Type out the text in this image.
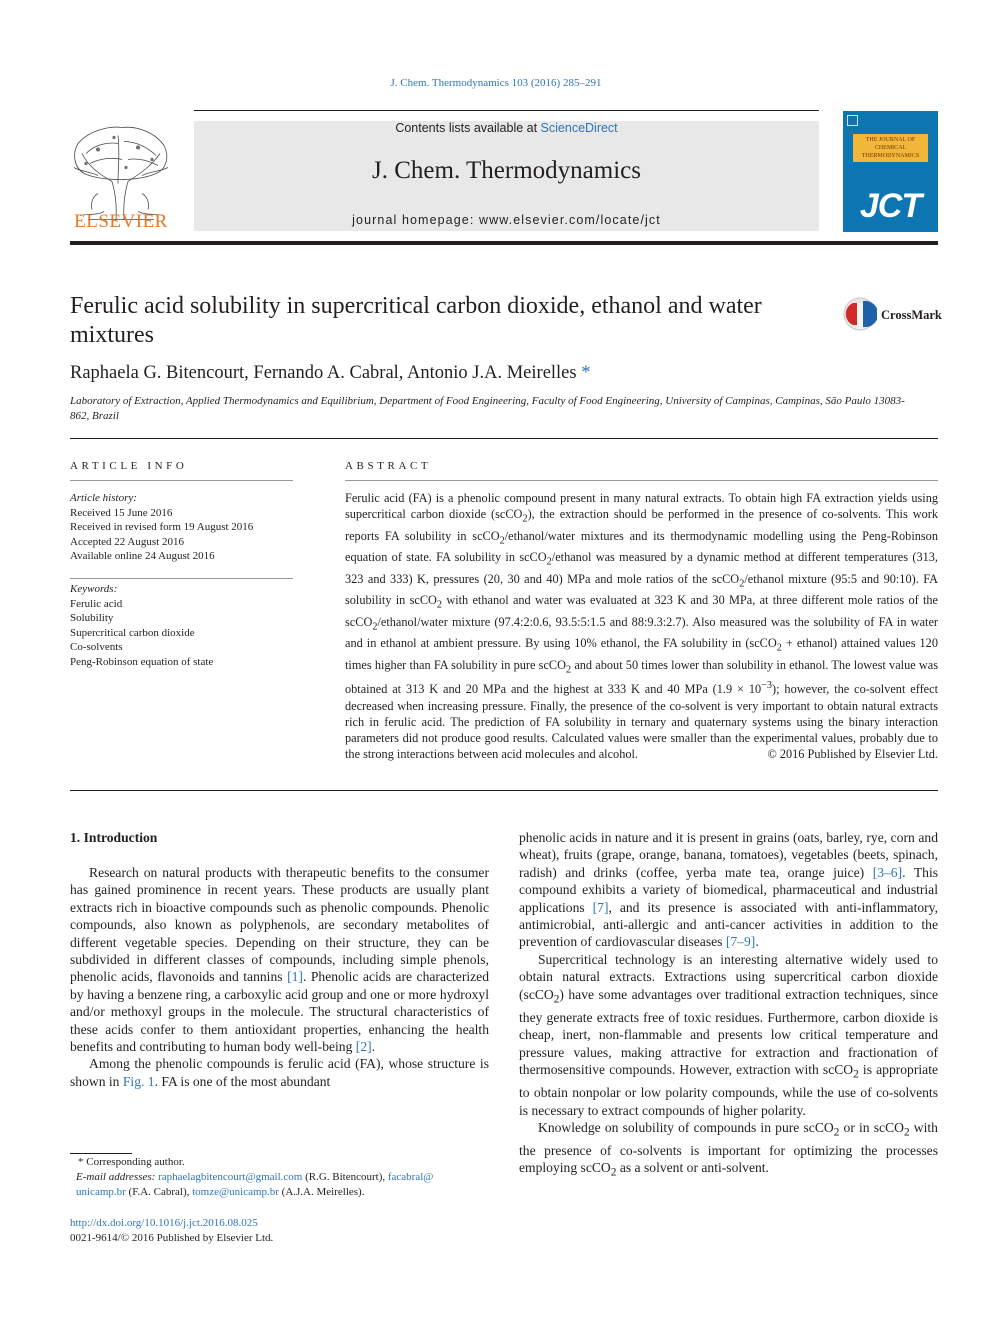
J. Chem. Thermodynamics 103 (2016) 285–291
Contents lists available at ScienceDirect
J. Chem. Thermodynamics
journal homepage: www.elsevier.com/locate/jct
ELSEVIER
THE JOURNAL OF CHEMICAL THERMODYNAMICS
JCT
Ferulic acid solubility in supercritical carbon dioxide, ethanol and water mixtures
CrossMark
Raphaela G. Bitencourt, Fernando A. Cabral, Antonio J.A. Meirelles *
Laboratory of Extraction, Applied Thermodynamics and Equilibrium, Department of Food Engineering, Faculty of Food Engineering, University of Campinas, Campinas, São Paulo 13083-862, Brazil
ARTICLE INFO
Article history:
Received 15 June 2016
Received in revised form 19 August 2016
Accepted 22 August 2016
Available online 24 August 2016
Keywords:
Ferulic acid
Solubility
Supercritical carbon dioxide
Co-solvents
Peng-Robinson equation of state
ABSTRACT
Ferulic acid (FA) is a phenolic compound present in many natural extracts. To obtain high FA extraction yields using supercritical carbon dioxide (scCO$_2$), the extraction should be performed in the presence of co-solvents. This work reports FA solubility in scCO$_2$/ethanol/water mixtures and its thermodynamic modelling using the Peng-Robinson equation of state. FA solubility in scCO$_2$/ethanol was measured by a dynamic method at different temperatures (313, 323 and 333) K, pressures (20, 30 and 40) MPa and mole ratios of the scCO$_2$/ethanol mixture (95:5 and 90:10). FA solubility in scCO$_2$ with ethanol and water was evaluated at 323 K and 30 MPa, at three different mole ratios of the scCO$_2$/ethanol/water mixture (97.4:2:0.6, 93.5:5:1.5 and 88:9.3:2.7). Also measured was the solubility of FA in water and in ethanol at ambient pressure. By using 10% ethanol, the FA solubility in (scCO$_2$ + ethanol) attained values 120 times higher than FA solubility in pure scCO$_2$ and about 50 times lower than solubility in ethanol. The lowest value was obtained at 313 K and 20 MPa and the highest at 333 K and 40 MPa $(1.9 \times 10^{-3})$; however, the co-solvent effect decreased when increasing pressure. Finally, the presence of the co-solvent is very important to obtain natural extracts rich in ferulic acid. The prediction of FA solubility in ternary and quaternary systems using the binary interaction parameters did not produce good results. Calculated values were smaller than the experimental values, probably due to the strong interactions between acid molecules and alcohol.	© 2016 Published by Elsevier Ltd.
1. Introduction

Research on natural products with therapeutic benefits to the consumer has gained prominence in recent years. These products are usually plant extracts rich in bioactive compounds such as phenolic compounds. Phenolic compounds, also known as polyphenols, are secondary metabolites of different vegetable species. Depending on their structure, they can be subdivided in different classes of compounds, including simple phenols, phenolic acids, flavonoids and tannins [1]. Phenolic acids are characterized by having a benzene ring, a carboxylic acid group and one or more hydroxyl and/or methoxyl groups in the molecule. The structural characteristics of these acids confer to them antioxidant properties, enhancing the health benefits and contributing to human body well-being [2].

Among the phenolic compounds is ferulic acid (FA), whose structure is shown in Fig. 1. FA is one of the most abundant

phenolic acids in nature and it is present in grains (oats, barley, rye, corn and wheat), fruits (grape, orange, banana, tomatoes), vegetables (beets, spinach, radish) and drinks (coffee, yerba mate tea, orange juice) [3–6]. This compound exhibits a variety of biomedical, pharmaceutical and industrial applications [7], and its presence is associated with anti-inflammatory, antimicrobial, anti-allergic and anti-cancer activities in addition to the prevention of cardiovascular diseases [7–9].

Supercritical technology is an interesting alternative widely used to obtain natural extracts. Extractions using supercritical carbon dioxide (scCO$_2$) have some advantages over traditional extraction techniques, since they generate extracts free of toxic residues. Furthermore, carbon dioxide is cheap, inert, non-flammable and presents low critical temperature and pressure values, making attractive for extraction and fractionation of thermosensitive compounds. However, extraction with scCO$_2$ is appropriate to obtain nonpolar or low polarity compounds, while the use of co-solvents is necessary to extract compounds of higher polarity.

Knowledge on solubility of compounds in pure scCO$_2$ or in scCO$_2$ with the presence of co-solvents is important for optimizing the processes employing scCO$_2$ as a solvent or anti-solvent.

* Corresponding author.
E-mail addresses: raphaelagbitencourt@gmail.com (R.G. Bitencourt), facabral@
unicamp.br (F.A. Cabral), tomze@unicamp.br (A.J.A. Meirelles).
http://dx.doi.org/10.1016/j.jct.2016.08.025
0021-9614/© 2016 Published by Elsevier Ltd.
